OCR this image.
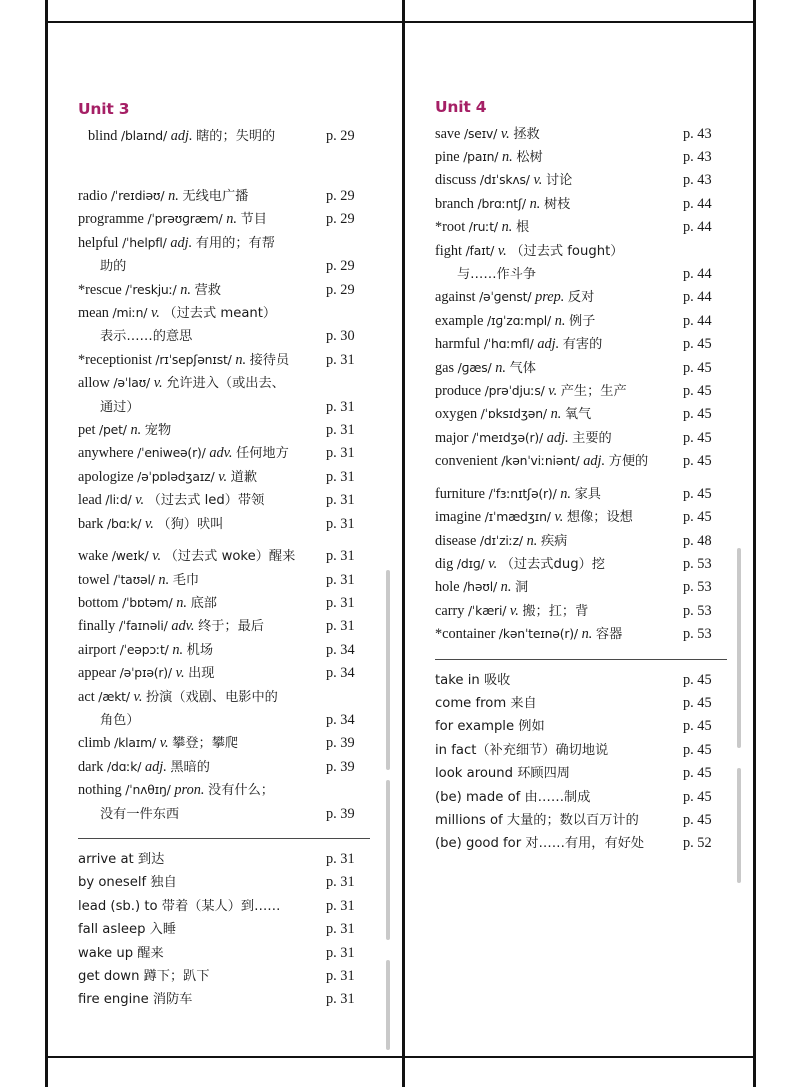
Unit 3
blind /blaɪnd/ adj. 瞎的；失明的	p. 29
radio /ˈreɪdiəʊ/ n. 无线电广播	p. 29
programme /ˈprəʊɡræm/ n. 节目	p. 29
helpful /ˈhelpfl/ adj. 有用的；有帮
助的	p. 29
*rescue /ˈreskjuː/ n. 营救	p. 29
mean /miːn/ v. （过去式 meant）
表示……的意思	p. 30
*receptionist /rɪˈsepʃənɪst/ n. 接待员	p. 31
allow /əˈlaʊ/ v. 允许进入（或出去、
通过）	p. 31
pet /pet/ n. 宠物	p. 31
anywhere /ˈeniweə(r)/ adv. 任何地方	p. 31
apologize /əˈpɒlədʒaɪz/ v. 道歉	p. 31
lead /liːd/ v. （过去式 led）带领	p. 31
bark /bɑːk/ v. （狗）吠叫	p. 31
wake /weɪk/ v. （过去式 woke）醒来 p. 31
towel /ˈtaʊəl/ n. 毛巾	p. 31
bottom /ˈbɒtəm/ n. 底部	p. 31
finally /ˈfaɪnəli/ adv. 终于；最后	p. 31
airport /ˈeəpɔːt/ n. 机场	p. 34
appear /əˈpɪə(r)/ v. 出现	p. 34
act /ækt/ v. 扮演（戏剧、电影中的
角色）	p. 34
climb /klaɪm/ v. 攀登；攀爬	p. 39
dark /dɑːk/ adj. 黑暗的	p. 39
nothing /ˈnʌθɪŋ/ pron. 没有什么；
没有一件东西	p. 39
arrive at 到达	p. 31
by oneself 独自	p. 31
lead (sb.) to 带着（某人）到……	p. 31
fall asleep 入睡	p. 31
wake up 醒来	p. 31
get down 蹲下；趴下	p. 31
fire engine 消防车	p. 31
Unit 4
save /seɪv/ v. 拯救	p. 43
pine /paɪn/ n. 松树	p. 43
discuss /dɪˈskʌs/ v. 讨论	p. 43
branch /brɑːntʃ/ n. 树枝	p. 44
*root /ruːt/ n. 根	p. 44
fight /faɪt/ v. （过去式 fought）
与……作斗争	p. 44
against /əˈɡenst/ prep. 反对	p. 44
example /ɪɡˈzɑːmpl/ n. 例子	p. 44
harmful /ˈhɑːmfl/ adj. 有害的	p. 45
gas /ɡæs/ n. 气体	p. 45
produce /prəˈdjuːs/ v. 产生；生产	p. 45
oxygen /ˈɒksɪdʒən/ n. 氧气	p. 45
major /ˈmeɪdʒə(r)/ adj. 主要的	p. 45
convenient /kənˈviːniənt/ adj. 方便的 p. 45
furniture /ˈfɜːnɪtʃə(r)/ n. 家具	p. 45
imagine /ɪˈmædʒɪn/ v. 想像；设想	p. 45
disease /dɪˈziːz/ n. 疾病	p. 48
dig /dɪɡ/ v. （过去式dug）挖	p. 53
hole /həʊl/ n. 洞	p. 53
carry /ˈkæri/ v. 搬；扛；背	p. 53
*container /kənˈteɪnə(r)/ n. 容器	p. 53
take in 吸收	p. 45
come from 来自	p. 45
for example 例如	p. 45
in fact（补充细节）确切地说	p. 45
look around 环顾四周	p. 45
(be) made of 由……制成	p. 45
millions of 大量的；数以百万计的	p. 45
(be) good for 对……有用，有好处	p. 52
